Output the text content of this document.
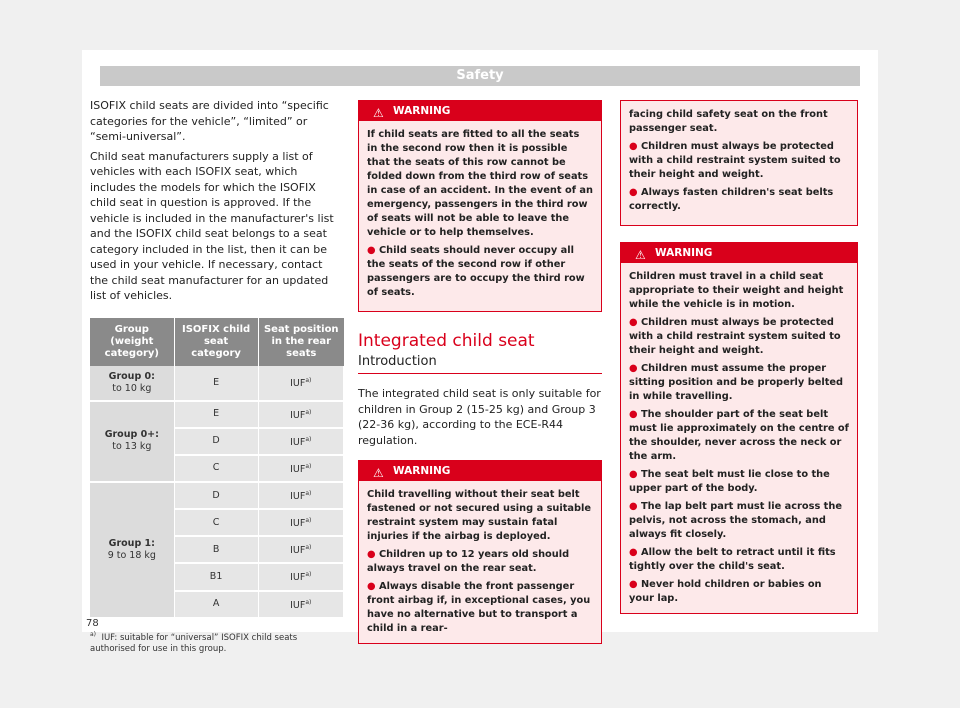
Safety

ISOFIX child seats are divided into “specific categories for the vehicle”, “limited” or “semi-universal”.

Child seat manufacturers supply a list of vehicles with each ISOFIX seat, which includes the models for which the ISOFIX child seat in question is approved. If the vehicle is included in the manufacturer's list and the ISOFIX child seat belongs to a seat category included in the list, then it can be used in your vehicle. If necessary, contact the child seat manufacturer for an updated list of vehicles.

Group (weight category)	ISOFIX child seat category	Seat position in the rear seats
Group 0:
to 10 kg	E	IUF$^{a)}$
Group 0+:
to 13 kg	E	IUF$^{a)}$
	D	IUF$^{a)}$
	C	IUF$^{a)}$
Group 1:
9 to 18 kg	D	IUF$^{a)}$
	C	IUF$^{a)}$
	B	IUF$^{a)}$
	B1	IUF$^{a)}$
	A	IUF$^{a)}$
$^{a)}$ IUF: suitable for “universal” ISOFIX child seats authorised for use in this group.
⚠ WARNING

If child seats are fitted to all the seats in the second row then it is possible that the seats of this row cannot be folded down from the third row of seats in case of an accident. In the event of an emergency, passengers in the third row of seats will not be able to leave the vehicle or to help themselves.

● Child seats should never occupy all the seats of the second row if other passengers are to occupy the third row of seats.

Integrated child seat
Introduction

The integrated child seat is only suitable for children in Group 2 (15-25 kg) and Group 3 (22-36 kg), according to the ECE-R44 regulation.

⚠ WARNING

Child travelling without their seat belt fastened or not secured using a suitable restraint system may sustain fatal injuries if the airbag is deployed.

● Children up to 12 years old should always travel on the rear seat.

● Always disable the front passenger front airbag if, in exceptional cases, you have no alternative but to transport a child in a rear-

facing child safety seat on the front passenger seat.

● Children must always be protected with a child restraint system suited to their height and weight.

● Always fasten children's seat belts correctly.

⚠ WARNING

Children must travel in a child seat appropriate to their weight and height while the vehicle is in motion.

● Children must always be protected with a child restraint system suited to their height and weight.

● Children must assume the proper sitting position and be properly belted in while travelling.

● The shoulder part of the seat belt must lie approximately on the centre of the shoulder, never across the neck or the arm.

● The seat belt must lie close to the upper part of the body.

● The lap belt part must lie across the pelvis, not across the stomach, and always fit closely.

● Allow the belt to retract until it fits tightly over the child's seat.

● Never hold children or babies on your lap.

78
